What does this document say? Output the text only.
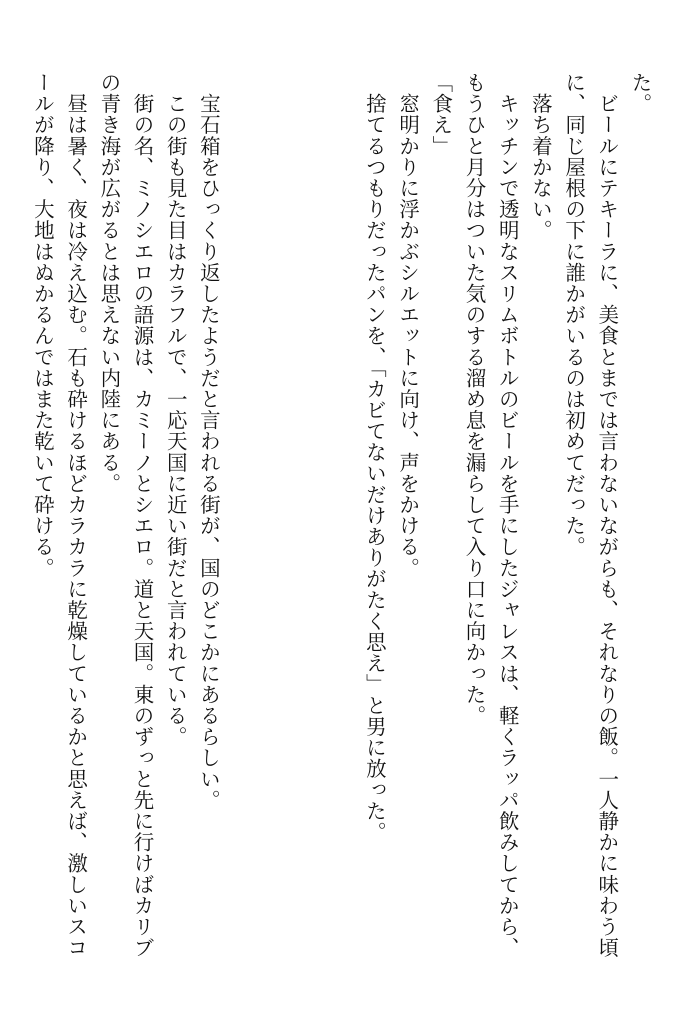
た。
　ビールにテキーラに、美食とまでは言わないながらも、それなりの飯。一人静かに味わう頃
に、同じ屋根の下に誰かがいるのは初めてだった。
　落ち着かない。
　キッチンで透明なスリムボトルのビールを手にしたジャレスは、軽くラッパ飲みしてから、
もうひと月分はついた気のする溜め息を漏らして入り口に向かった。
「食え」
　窓明かりに浮かぶシルエットに向け、声をかける。
　捨てるつもりだったパンを、「カビてないだけありがたく思え」と男に放った。
　宝石箱をひっくり返したようだと言われる街が、国のどこかにあるらしい。
　この街も見た目はカラフルで、一応天国に近い街だと言われている。
　街の名、ミノシエロの語源は、カミーノとシエロ。道と天国。東のずっと先に行けばカリブ
の青き海が広がるとは思えない内陸にある。
　昼は暑く、夜は冷え込む。石も砕けるほどカラカラに乾燥しているかと思えば、激しいスコ
ールが降り、大地はぬかるんではまた乾いて砕ける。
